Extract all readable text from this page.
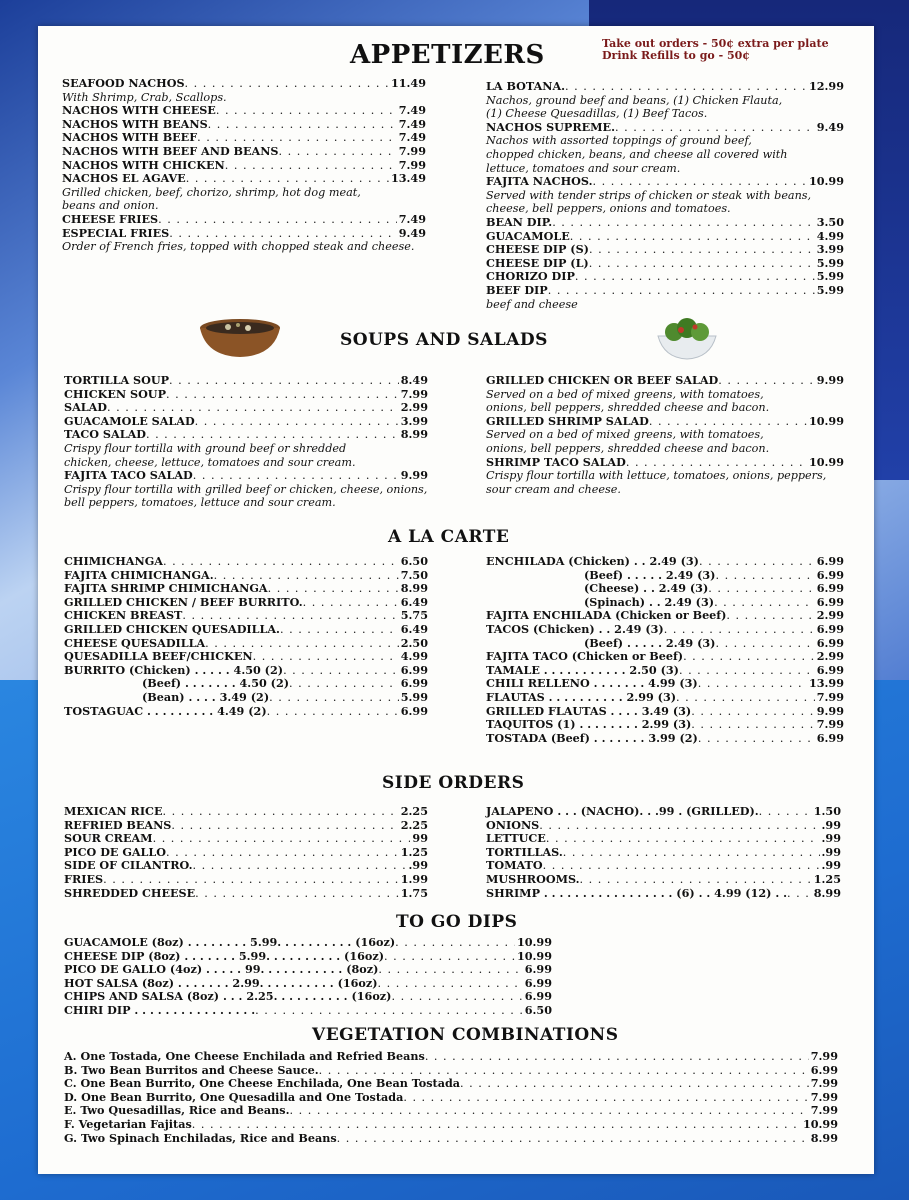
APPETIZERS	Take out orders - 50¢ extra per plate
Drink Refills to go - 50¢
SEAFOOD NACHOS . . .	11.49
With Shrimp, Crab, Scallops.
NACHOS WITH CHEESE . . .	7.49
NACHOS WITH BEANS . . .	7.49
NACHOS WITH BEEF . . .	7.49
NACHOS WITH BEEF AND BEANS . . .	7.99
NACHOS WITH CHICKEN . . .	7.99
NACHOS EL AGAVE . . .	13.49
Grilled chicken, beef, chorizo, shrimp, hot dog meat,
beans and onion.
CHEESE FRIES . . .	7.49
ESPECIAL FRIES . . .	9.49
Order of French fries, topped with chopped steak and cheese.
LA BOTANA. . . .	12.99
Nachos, ground beef and beans, (1) Chicken Flauta,
(1) Cheese Quesadillas, (1) Beef Tacos.
NACHOS SUPREME. . . .	9.49
Nachos with assorted toppings of ground beef,
chopped chicken, beans, and cheese all covered with
lettuce, tomatoes and sour cream.
FAJITA NACHOS. . . .	10.99
Served with tender strips of chicken or steak with beans,
cheese, bell peppers, onions and tomatoes.
BEAN DIP. . . .	3.50
GUACAMOLE . . .	4.99
CHEESE DIP (S) . . .	3.99
CHEESE DIP (L) . . .	5.99
CHORIZO DIP . . .	5.99
BEEF DIP . . .	5.99
beef and cheese
SOUPS AND SALADS
TORTILLA SOUP . . .	8.49
CHICKEN SOUP . . .	7.99
SALAD . . .	2.99
GUACAMOLE SALAD . . .	3.99
TACO SALAD . . .	8.99
Crispy flour tortilla with ground beef or shredded
chicken, cheese, lettuce, tomatoes and sour cream.
FAJITA TACO SALAD . . .	9.99
Crispy flour tortilla with grilled beef or chicken, cheese, onions,
bell peppers, tomatoes, lettuce and sour cream.
GRILLED CHICKEN OR BEEF SALAD . . .	9.99
Served on a bed of mixed greens, with tomatoes,
onions, bell peppers, shredded cheese and bacon.
GRILLED SHRIMP SALAD . . .	10.99
Served on a bed of mixed greens, with tomatoes,
onions, bell peppers, shredded cheese and bacon.
SHRIMP TACO SALAD . . .	10.99
Crispy flour tortilla with lettuce, tomatoes, onions, peppers,
sour cream and cheese.
A LA CARTE
CHIMICHANGA . . .	6.50
FAJITA CHIMICHANGA. . . .	7.50
FAJITA SHRIMP CHIMICHANGA . . .	8.99
GRILLED CHICKEN / BEEF BURRITO. . . .	6.49
CHICKEN BREAST . . .	5.75
GRILLED CHICKEN QUESADILLA. . . .	6.49
CHEESE QUESADILLA . . .	2.50
QUESADILLA BEEF/CHICKEN . . .	4.99
BURRITO (Chicken) . . . . . 4.50 (2) . . .	6.99
(Beef) . . . . . . . 4.50 (2) . . .	6.99
(Bean) . . . . 3.49 (2) . . .	5.99
TOSTAGUAC . . . . . . . . . 4.49 (2) . . .	6.99
ENCHILADA (Chicken) . . 2.49 (3) . . .	6.99
(Beef) . . . . . 2.49 (3) . . .	6.99
(Cheese) . . 2.49 (3) . . .	6.99
(Spinach) . . 2.49 (3) . . .	6.99
FAJITA ENCHILADA (Chicken or Beef) . . .	2.99
TACOS (Chicken) . . 2.49 (3) . . .	6.99
(Beef) . . . . . 2.49 (3) . . .	6.99
FAJITA TACO (Chicken or Beef) . . .	2.99
TAMALE . . . . . . . . . . . 2.50 (3) . . .	6.99
CHILI RELLENO . . . . . . . 4.99 (3) . . .	13.99
FLAUTAS . . . . . . . . . . 2.99 (3) . . .	7.99
GRILLED FLAUTAS . . . . 3.49 (3) . . .	9.99
TAQUITOS (1) . . . . . . . . 2.99 (3) . . .	7.99
TOSTADA (Beef) . . . . . . . 3.99 (2) . . .	6.99
SIDE ORDERS
MEXICAN RICE . . .	2.25
REFRIED BEANS . . .	2.25
SOUR CREAM . . .	99
PICO DE GALLO . . .	1.25
SIDE OF CILANTRO. . . .	.99
FRIES . . .	1.99
SHREDDED CHEESE . . .	1.75
JALAPENO . . . (NACHO). . .99 . (GRILLED). . . .	1.50
ONIONS . . .	.99
LETTUCE . . .	.99
TORTILLAS. . . .	.99
TOMATO . . .	.99
MUSHROOMS. . . .	1.25
SHRIMP . . . . . . . . . . . . . . . . . (6) . . 4.99 (12) . . . . . 8.99
TO GO DIPS
GUACAMOLE (8oz) . . . . . . . . 5.99. . . . . . . . . . (16oz) . . .	10.99
CHEESE DIP (8oz) . . . . . . . 5.99. . . . . . . . . . (16oz) . . .	10.99
PICO DE GALLO (4oz) . . . . . 99. . . . . . . . . . . (8oz) . . .	6.99
HOT SALSA (8oz) . . . . . . . 2.99. . . . . . . . . . (16oz) . . .	6.99
CHIPS AND SALSA (8oz) . . . 2.25. . . . . . . . . . (16oz) . . .	6.99
CHIRI DIP . . . . . . . . . . . . . . . . . . .	6.50
VEGETATION COMBINATIONS
A. One Tostada, One Cheese Enchilada and Refried Beans . . .	7.99
B. Two Bean Burritos and Cheese Sauce. . . .	6.99
C. One Bean Burrito, One Cheese Enchilada, One Bean Tostada . . .	7.99
D. One Bean Burrito, One Quesadilla and One Tostada . . .	7.99
E. Two Quesadillas, Rice and Beans. . . .	7.99
F. Vegetarian Fajitas . . .	10.99
G. Two Spinach Enchiladas, Rice and Beans . . .	8.99
